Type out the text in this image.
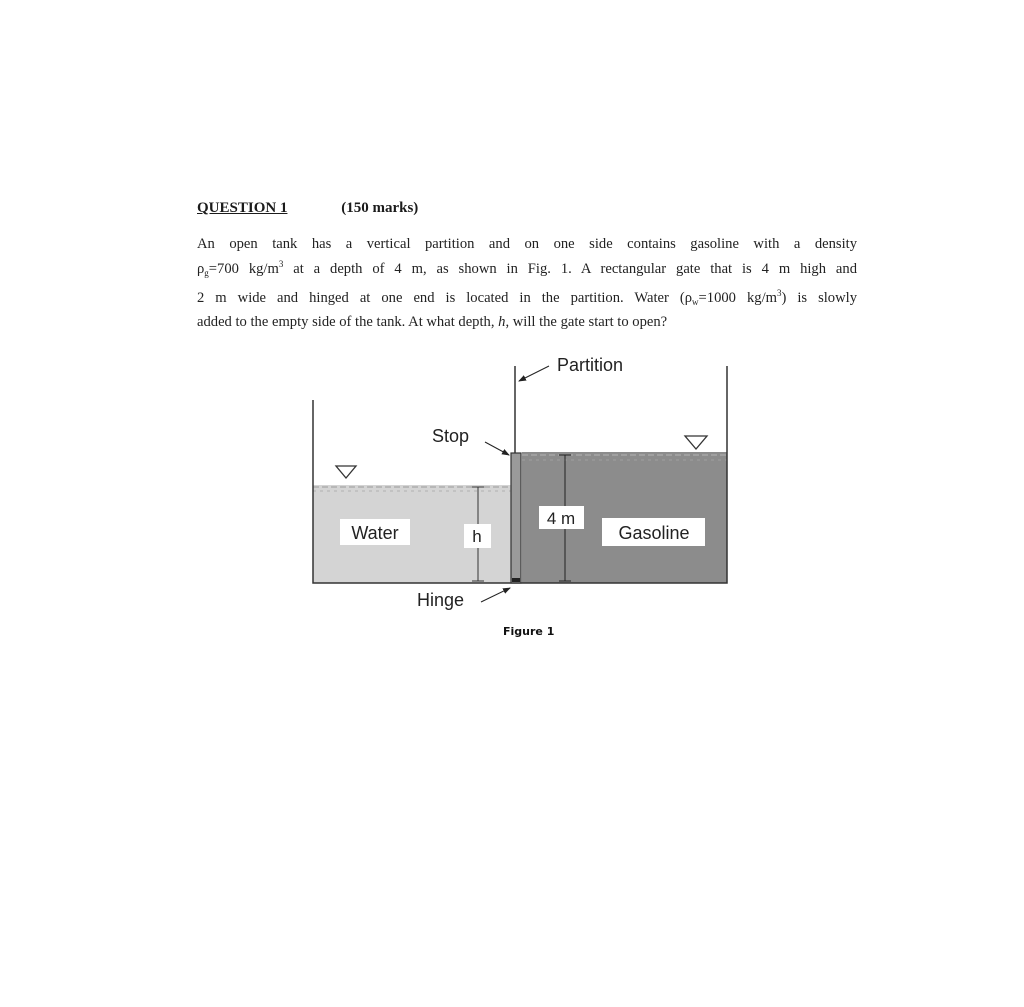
QUESTION 1	(150 marks)
An open tank has a vertical partition and on one side contains gasoline with a density
$\rho_g=700$ $kg/m^3$ at a depth of 4 m, as shown in Fig. 1. A rectangular gate that is 4 m high and
2 m wide and hinged at one end is located in the partition. Water ($\rho_w=1000$ $kg/m^3$) is slowly
added to the empty side of the tank. At what depth, h, will the gate start to open?
Partition
Stop
Water	h
4 m
Gasoline
Hinge
Figure 1
